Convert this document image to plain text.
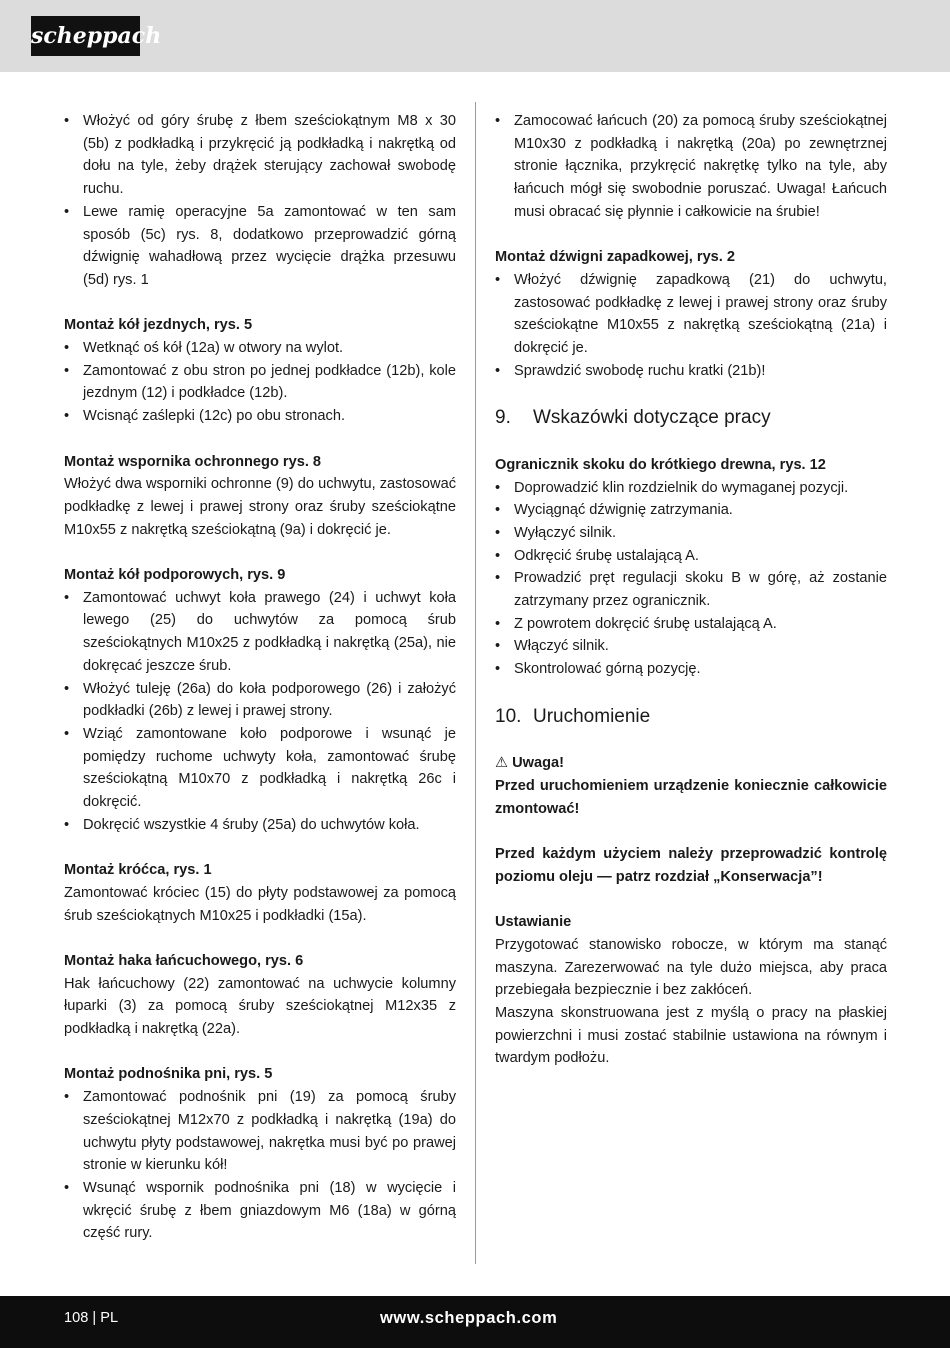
scheppach
• Włożyć od góry śrubę z łbem sześciokątnym M8 x 30 (5b) z podkładką i przykręcić ją podkładką i nakrętką od dołu na tyle, żeby drążek sterujący zachował swobodę ruchu.
• Lewe ramię operacyjne 5a zamontować w ten sam sposób (5c) rys. 8, dodatkowo przeprowadzić górną dźwignię wahadłową przez wycięcie drążka przesuwu (5d) rys. 1
Montaż kół jezdnych, rys. 5
• Wetknąć oś kół (12a) w otwory na wylot.
• Zamontować z obu stron po jednej podkładce (12b), kole jezdnym (12) i podkładce (12b).
• Wcisnąć zaślepki (12c) po obu stronach.
Montaż wspornika ochronnego rys. 8

Włożyć dwa wsporniki ochronne (9) do uchwytu, zastosować podkładkę z lewej i prawej strony oraz śruby sześciokątne M10x55 z nakrętką sześciokątną (9a) i dokręcić je.

Montaż kół podporowych, rys. 9
• Zamontować uchwyt koła prawego (24) i uchwyt koła lewego (25) do uchwytów za pomocą śrub sześciokątnych M10x25 z podkładką i nakrętką (25a), nie dokręcać jeszcze śrub.
• Włożyć tuleję (26a) do koła podporowego (26) i założyć podkładki (26b) z lewej i prawej strony.
• Wziąć zamontowane koło podporowe i wsunąć je pomiędzy ruchome uchwyty koła, zamontować śrubę sześciokątną M10x70 z podkładką i nakrętką 26c i dokręcić.
• Dokręcić wszystkie 4 śruby (25a) do uchwytów koła.
Montaż króćca, rys. 1

Zamontować króciec (15) do płyty podstawowej za pomocą śrub sześciokątnych M10x25 i podkładki (15a).

Montaż haka łańcuchowego, rys. 6

Hak łańcuchowy (22) zamontować na uchwycie kolumny łuparki (3) za pomocą śruby sześciokątnej M12x35 z podkładką i nakrętką (22a).

Montaż podnośnika pni, rys. 5
• Zamontować podnośnik pni (19) za pomocą śruby sześciokątnej M12x70 z podkładką i nakrętką (19a) do uchwytu płyty podstawowej, nakrętka musi być po prawej stronie w kierunku kół!
• Wsunąć wspornik podnośnika pni (18) w wycięcie i wkręcić śrubę z łbem gniazdowym M6 (18a) w górną część rury.
• Zamocować łańcuch (20) za pomocą śruby sześciokątnej M10x30 z podkładką i nakrętką (20a) po zewnętrznej stronie łącznika, przykręcić nakrętkę tylko na tyle, aby łańcuch mógł się swobodnie poruszać. Uwaga! Łańcuch musi obracać się płynnie i całkowicie na śrubie!
Montaż dźwigni zapadkowej, rys. 2
• Włożyć dźwignię zapadkową (21) do uchwytu, zastosować podkładkę z lewej i prawej strony oraz śruby sześciokątne M10x55 z nakrętką sześciokątną (21a) i dokręcić je.
• Sprawdzić swobodę ruchu kratki (21b)!
9.	Wskazówki dotyczące pracy
Ogranicznik skoku do krótkiego drewna, rys. 12
• Doprowadzić klin rozdzielnik do wymaganej pozycji.
• Wyciągnąć dźwignię zatrzymania.
• Wyłączyć silnik.
• Odkręcić śrubę ustalającą A.
• Prowadzić pręt regulacji skoku B w górę, aż zostanie zatrzymany przez ogranicznik.
• Z powrotem dokręcić śrubę ustalającą A.
• Włączyć silnik.
• Skontrolować górną pozycję.
10. Uruchomienie

⚠ Uwaga!

Przed uruchomieniem urządzenie koniecznie całkowicie zmontować!

Przed każdym użyciem należy przeprowadzić kontrolę poziomu oleju — patrz rozdział „Konserwacja”!

Ustawianie

Przygotować stanowisko robocze, w którym ma stanąć maszyna. Zarezerwować na tyle dużo miejsca, aby praca przebiegała bezpiecznie i bez zakłóceń.

Maszyna skonstruowana jest z myślą o pracy na płaskiej powierzchni i musi zostać stabilnie ustawiona na równym i twardym podłożu.

108 | PL	www.scheppach.com
